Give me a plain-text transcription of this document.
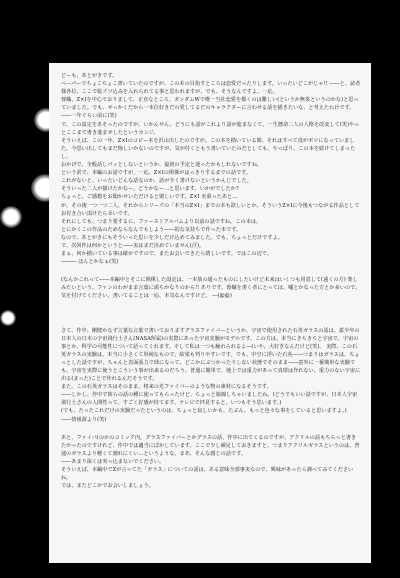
どーも、あとがきです。
ペーパーでちょこちょこ書いていたのですが、この本の目指すところは恋愛だったりします。いったいどこがじゃ!! ――と、読者様各位、ここで総ズツ込みを入れられてる事と思われますが、でも、そうなんですよ。一応。
蓉織、Z×Iを中心でおりまして、正直なところ、ガンダムWで唯一当社恋愛を描くのは難しい(というか無茶というのかな)と思っていました。でも、せっかくだから一本位好きだの愛してるだのキャラクターに言わせる話を描きたいな、と考えたわけです。
――一年ぐらい前に(笑)
で、この設定をあそったのですが、いかんせん、どうにも話がこれより話が進まなくて、一生懸命二人の人格を改変して(笑)やっとここまで書き進ませしたというカンジ。
そういえば、この一年、Z×Iのコピー本を沢山出したのですが、この本を描いている間、それはすべて没がボツになっていました。今思い出してもまだ悔しいかないのですが、気が付くともう書いていたのだとしても、やっぱり、この本を続けてしまったし、
おかげで、全般話しパッとしないというか、最初の予定と違ったかもしれないですね。
という訳で、本編のお話ですが、一応、Z×Iの関係がはっきりするまでの話です。
これがないと、いったいどんな話なのか、話が全く書けないというかんじでした。
そういった二人が描けたかなー、どうかなー…と思います。いかがでしたか?
ちょっと、ご感想をお聞かせいただけると嬉しいです。Z×I 名乗ったあと…
が、その後一つ一つ二人、それからシリーズの「本当のZ×I」までの本も欲しいとか、そういうZ×Iに今後もつながる作品としてお付き合い頂けたら幸いです。
それにしても、つまり要するに、ファーストアルバムより以前の話ですね。この本は。
とにかくこの作品のためならなんでもしよう――的な気持ちで作った本です。
なので、あとがきにもそういった思いを少しだけ込めてみました。でも、ちょっとだけですよ。
で、次回作は何かというと――実はまだ決めていません(汗)。
まぁ、何か描いている事は確かですので、またお会いできたら嬉しいです。ではこの辺で。
――― ほんとかなぁ(笑)

(なんかこれって――本編中とそこに関係した設定は、一本筋の通ったものにしたいけど未来はいくつも用意して(遠くの方) 楽しみたいという、ファンのわがまま言葉に満ちかなりのから!! ありです。蓉織を書く者にとっては、嘘とかなった方とか多いので、気を付けてください。書いてることは一応、本気なんですけど。 ―(@@)

さて、作中、剛健かなず言葉な言葉で書いておりますグラスファイバーというか、宇宙で使用された石英ガラスの話は、蓋少年の日本人の日本の宇宙飛行士さん(NASA所属)の実際にあった宇宙実験がモデルです。この方は、本当にきちきちと宇宙で、宇宙の事とか、科学の可能性について語ってくれます。そして私は一つも触れられるよ―(いや、大好きなんだけど(笑)。 実際、この石英ガラスの実験は、本当に小さくて単純なもので、結果も判りやすいです。でも、中空に浮いた石英――つまりはガラスは、ちょっとした話ですが、ちゃんと表面張力で球になって、どこかにぶつかったりしない状態でそのまま――意外に一番簡単な実験でも、宇宙を実際に使うとこういう事が出来るのだろう。普通に簡単で、地上では重力があって真球は作れない、重力のない宇宙に出る(まった)ことで作れるんだそうです。
また、この石英ガラスはそのまま、将来の光ファイバーのような物の素材になるそうです。
――しかし、作中で彼らの話の種に使ってもらったけど、ちょっと脱線しちゃいましたね。(どうでもいい話ですが、日本人宇宙飛行士さんの人間性って、すごく好感が持てます。テレビで拝見すると、いつもそう思います。)
(でも、たったこれだけの実験だったというのは、ちょっと寂しいかも。たぶん、もっと色々な事をしていると思いますよ。)
――情報源より(笑)

あと、ファイバ(のかのコミック内。グラスファイバーとかグラスの話、作中に出てくるのですが、アクリルの話もちらっと書きたかったのですけれど、作中では適当にぼかしています。ここで少し補足しておきますと、つまりアクリルガラスというのは、普通のガラスより軽くて割れにくい…というような、まあ、そんな感じの話です。
――あまり深くは突っ込まないでください。
そういえば、本編中でZが言ってた「ガラス」についての話は、ある意味全部事実なので、興味があったら調べてみてくださいね。
では、またどこかでお会いしましょう。
